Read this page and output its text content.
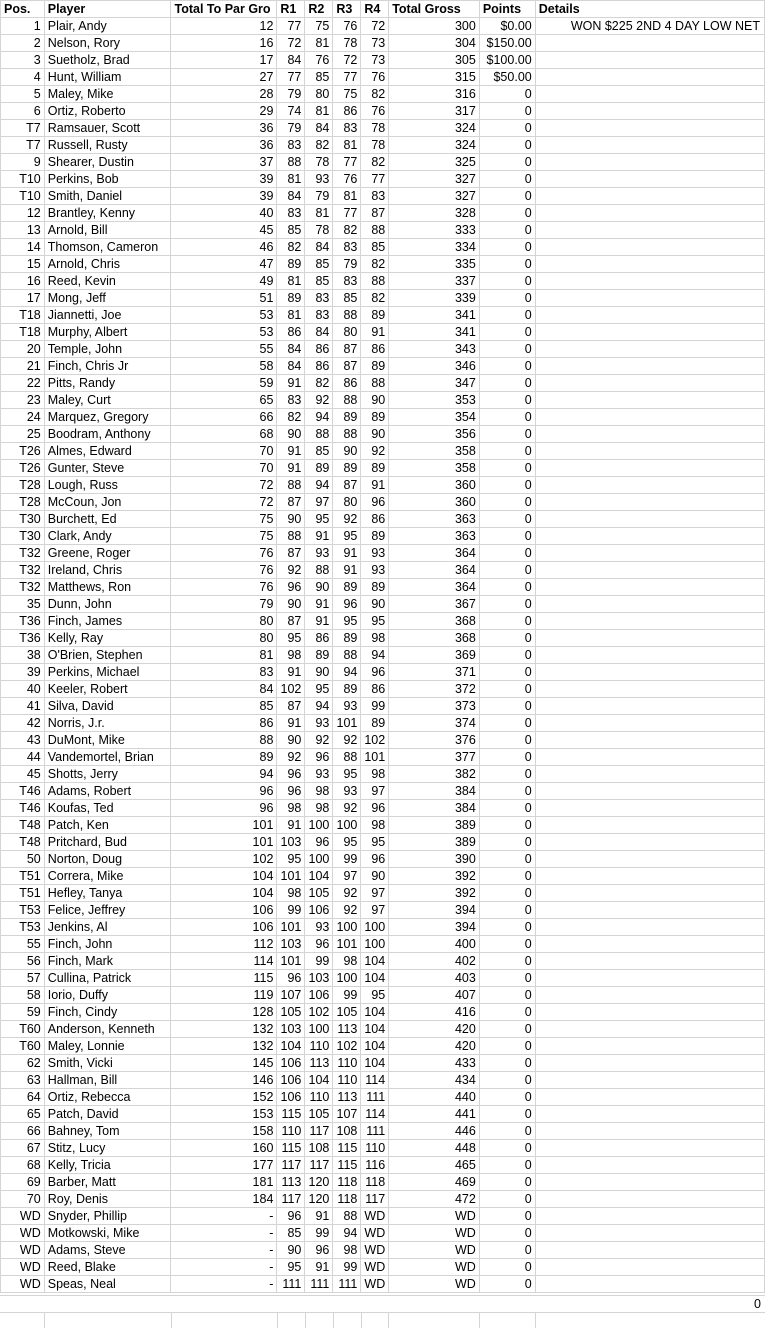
Pos.	Player	Total To Par Gro	R1	R2	R3	R4	Total Gross	Points	Details
1	Plair, Andy	12	77	75	76	72	300	$0.00	WON $225 2ND 4 DAY LOW NET
2	Nelson, Rory	16	72	81	78	73	304	$150.00	
3	Suetholz, Brad	17	84	76	72	73	305	$100.00	
4	Hunt, William	27	77	85	77	76	315	$50.00	
5	Maley, Mike	28	79	80	75	82	316	0	
6	Ortiz, Roberto	29	74	81	86	76	317	0	
T7	Ramsauer, Scott	36	79	84	83	78	324	0	
T7	Russell, Rusty	36	83	82	81	78	324	0	
9	Shearer, Dustin	37	88	78	77	82	325	0	
T10	Perkins, Bob	39	81	93	76	77	327	0	
T10	Smith, Daniel	39	84	79	81	83	327	0	
12	Brantley, Kenny	40	83	81	77	87	328	0	
13	Arnold, Bill	45	85	78	82	88	333	0	
14	Thomson, Cameron	46	82	84	83	85	334	0	
15	Arnold, Chris	47	89	85	79	82	335	0	
16	Reed, Kevin	49	81	85	83	88	337	0	
17	Mong, Jeff	51	89	83	85	82	339	0	
T18	Jiannetti, Joe	53	81	83	88	89	341	0	
T18	Murphy, Albert	53	86	84	80	91	341	0	
20	Temple, John	55	84	86	87	86	343	0	
21	Finch, Chris Jr	58	84	86	87	89	346	0	
22	Pitts, Randy	59	91	82	86	88	347	0	
23	Maley, Curt	65	83	92	88	90	353	0	
24	Marquez, Gregory	66	82	94	89	89	354	0	
25	Boodram, Anthony	68	90	88	88	90	356	0	
T26	Almes, Edward	70	91	85	90	92	358	0	
T26	Gunter, Steve	70	91	89	89	89	358	0	
T28	Lough, Russ	72	88	94	87	91	360	0	
T28	McCoun, Jon	72	87	97	80	96	360	0	
T30	Burchett, Ed	75	90	95	92	86	363	0	
T30	Clark, Andy	75	88	91	95	89	363	0	
T32	Greene, Roger	76	87	93	91	93	364	0	
T32	Ireland, Chris	76	92	88	91	93	364	0	
T32	Matthews, Ron	76	96	90	89	89	364	0	
35	Dunn, John	79	90	91	96	90	367	0	
T36	Finch, James	80	87	91	95	95	368	0	
T36	Kelly, Ray	80	95	86	89	98	368	0	
38	O'Brien, Stephen	81	98	89	88	94	369	0	
39	Perkins, Michael	83	91	90	94	96	371	0	
40	Keeler, Robert	84	102	95	89	86	372	0	
41	Silva, David	85	87	94	93	99	373	0	
42	Norris, J.r.	86	91	93	101	89	374	0	
43	DuMont, Mike	88	90	92	92	102	376	0	
44	Vandemortel, Brian	89	92	96	88	101	377	0	
45	Shotts, Jerry	94	96	93	95	98	382	0	
T46	Adams, Robert	96	96	98	93	97	384	0	
T46	Koufas, Ted	96	98	98	92	96	384	0	
T48	Patch, Ken	101	91	100	100	98	389	0	
T48	Pritchard, Bud	101	103	96	95	95	389	0	
50	Norton, Doug	102	95	100	99	96	390	0	
T51	Correra, Mike	104	101	104	97	90	392	0	
T51	Hefley, Tanya	104	98	105	92	97	392	0	
T53	Felice, Jeffrey	106	99	106	92	97	394	0	
T53	Jenkins, Al	106	101	93	100	100	394	0	
55	Finch, John	112	103	96	101	100	400	0	
56	Finch, Mark	114	101	99	98	104	402	0	
57	Cullina, Patrick	115	96	103	100	104	403	0	
58	Iorio, Duffy	119	107	106	99	95	407	0	
59	Finch, Cindy	128	105	102	105	104	416	0	
T60	Anderson, Kenneth	132	103	100	113	104	420	0	
T60	Maley, Lonnie	132	104	110	102	104	420	0	
62	Smith, Vicki	145	106	113	110	104	433	0	
63	Hallman, Bill	146	106	104	110	114	434	0	
64	Ortiz, Rebecca	152	106	110	113	111	440	0	
65	Patch, David	153	115	105	107	114	441	0	
66	Bahney, Tom	158	110	117	108	111	446	0	
67	Stitz, Lucy	160	115	108	115	110	448	0	
68	Kelly, Tricia	177	117	117	115	116	465	0	
69	Barber, Matt	181	113	120	118	118	469	0	
70	Roy, Denis	184	117	120	118	117	472	0	
WD	Snyder, Phillip	-	96	91	88	WD	WD	0	
WD	Motkowski, Mike	-	85	99	94	WD	WD	0	
WD	Adams, Steve	-	90	96	98	WD	WD	0	
WD	Reed, Blake	-	95	91	99	WD	WD	0	
WD	Speas, Neal	-	111	111	111	WD	WD	0	
0
